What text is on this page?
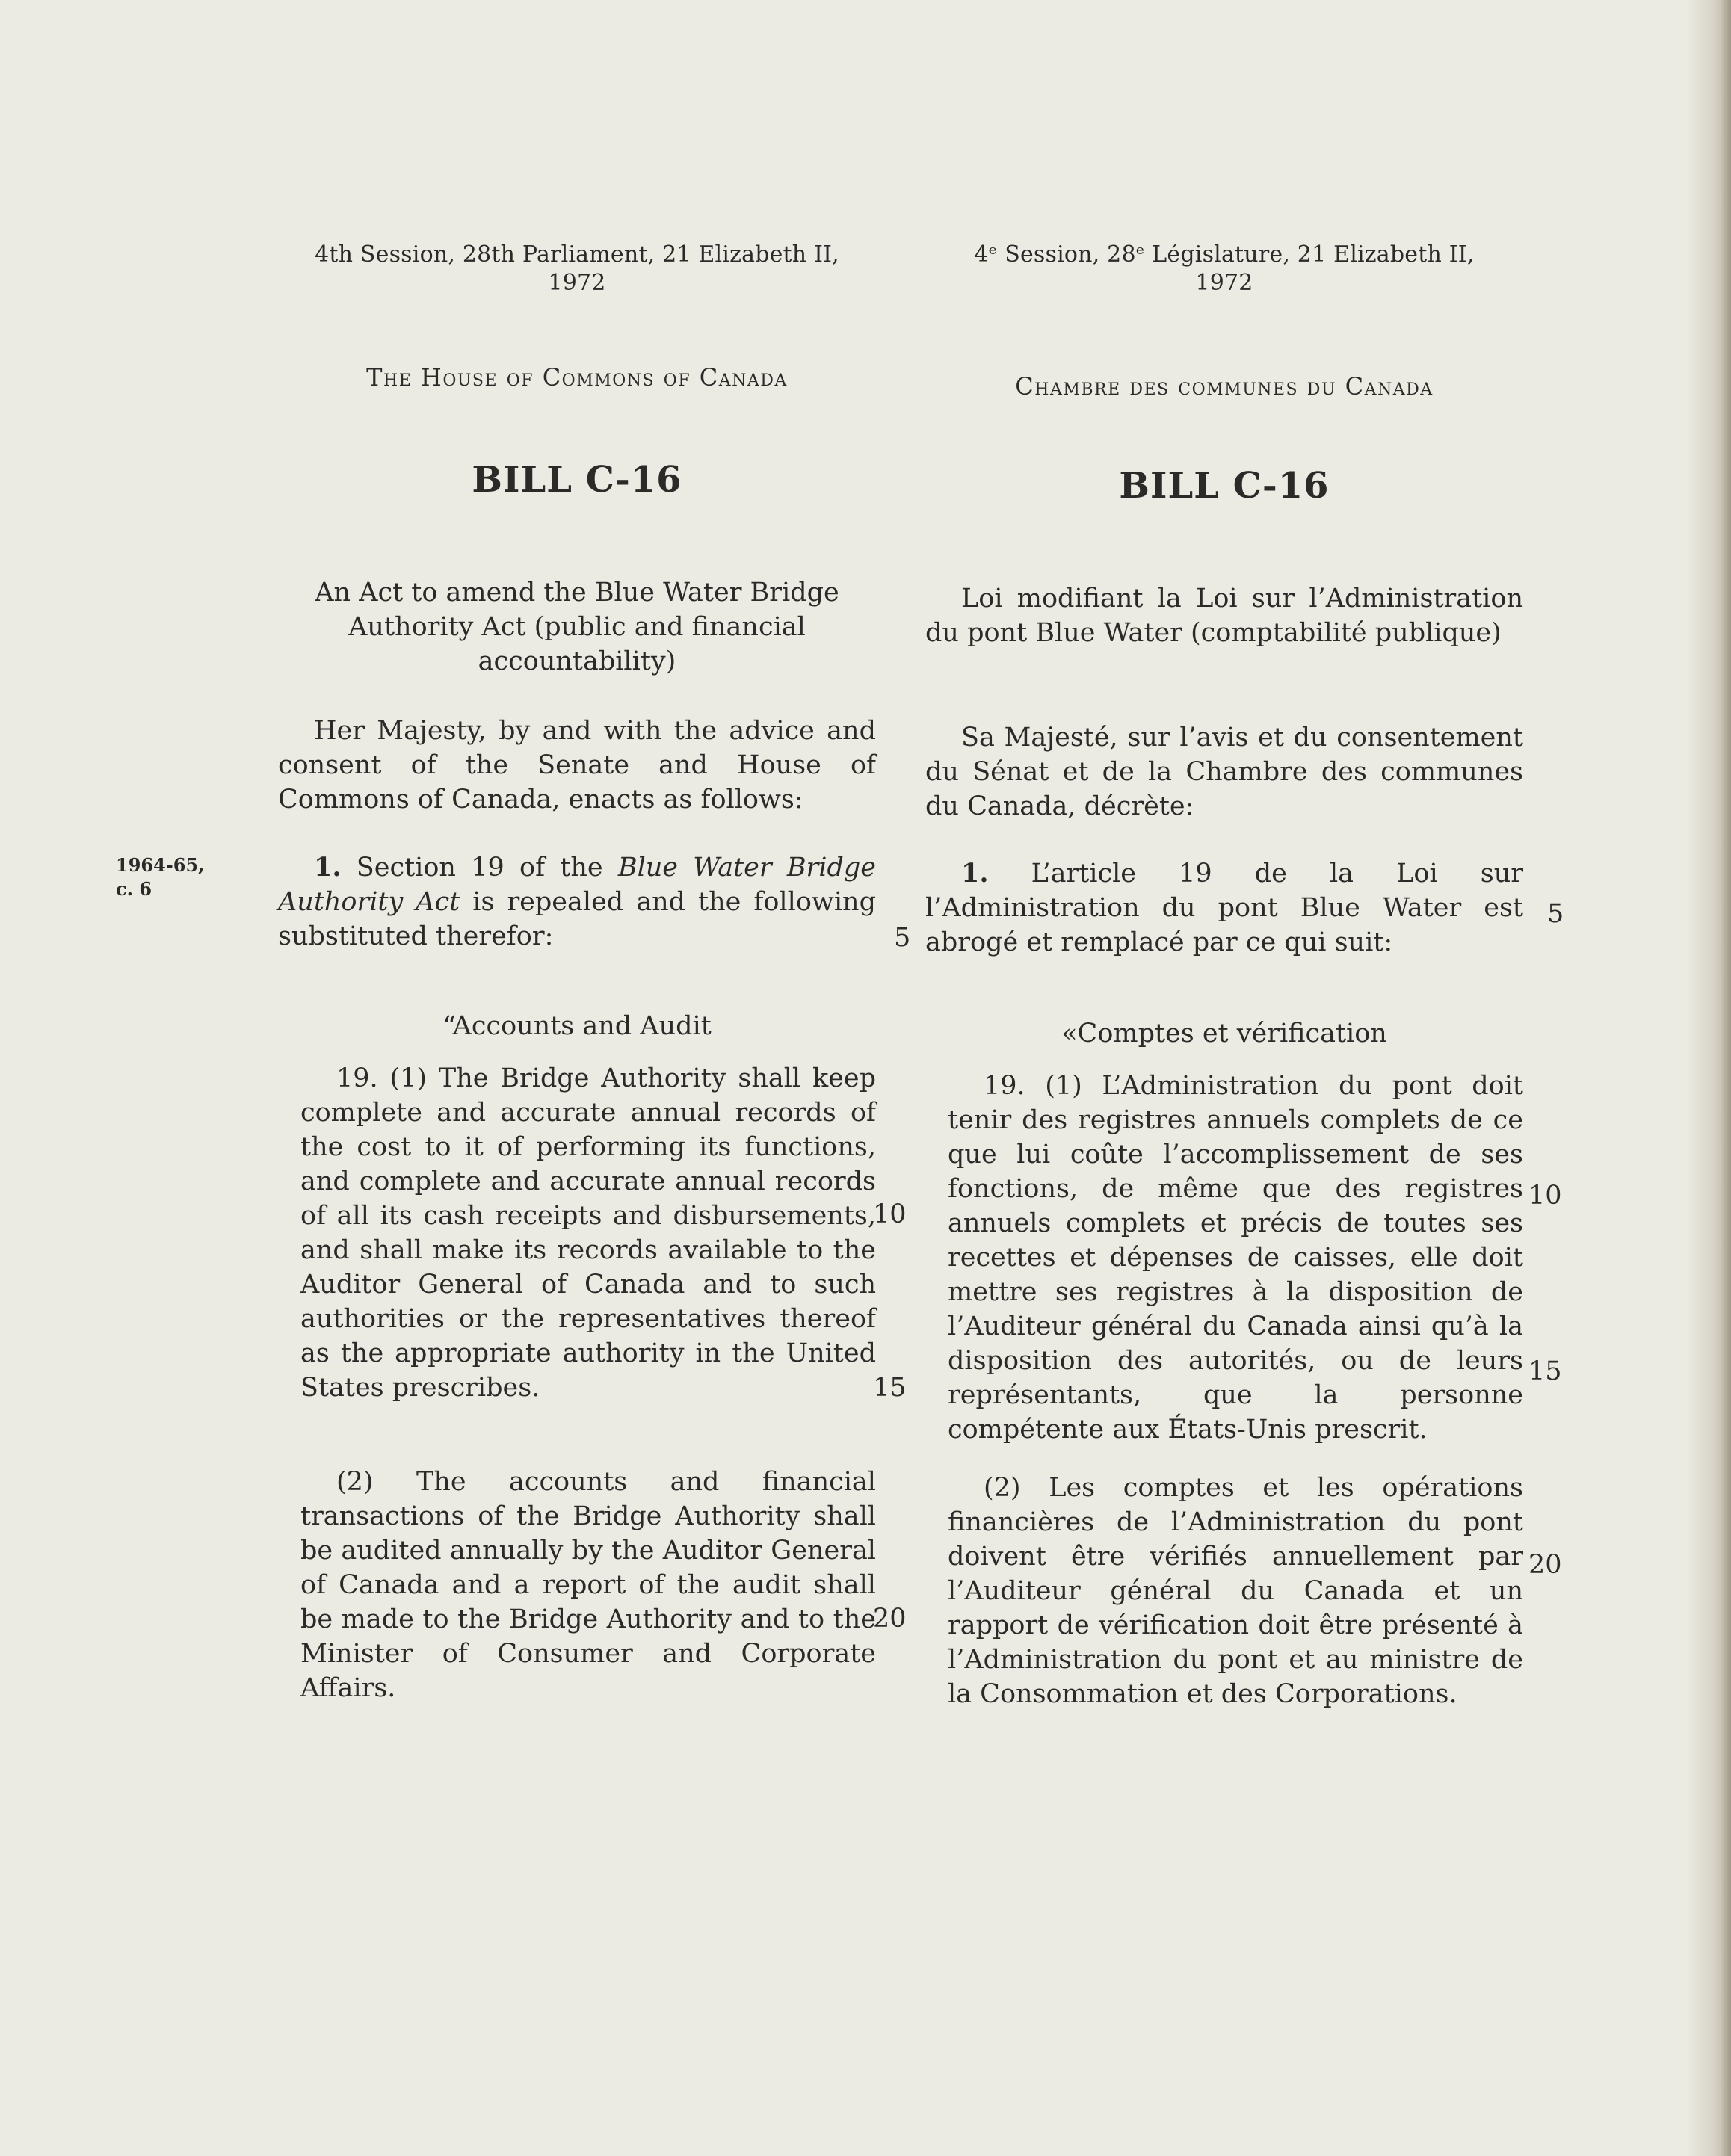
1964-65,
c. 6
4th Session, 28th Parliament, 21 Elizabeth II,
1972
The House of Commons of Canada
BILL C-16

An Act to amend the Blue Water Bridge Authority Act (public and financial accountability)

Her Majesty, by and with the advice and consent of the Senate and House of Commons of Canada, enacts as follows:

1. Section 19 of the Blue Water Bridge Authority Act is repealed and the following substituted therefor:

“Accounts and Audit

19. (1) The Bridge Authority shall keep complete and accurate annual records of the cost to it of performing its functions, and complete and accurate annual records of all its cash receipts and disbursements, and shall make its records available to the Auditor General of Canada and to such authorities or the representatives thereof as the appropriate authority in the United States prescribes.

(2) The accounts and financial transactions of the Bridge Authority shall be audited annually by the Auditor General of Canada and a report of the audit shall be made to the Bridge Authority and to the Minister of Consumer and Corporate Affairs.

5
10
15
20
4ᵉ Session, 28ᵉ Législature, 21 Elizabeth II,
1972
Chambre des communes du Canada
BILL C-16

Loi modifiant la Loi sur l’Administration du pont Blue Water (comptabilité publique)

Sa Majesté, sur l’avis et du consentement du Sénat et de la Chambre des communes du Canada, décrète:

1. L’article 19 de la Loi sur l’Administration du pont Blue Water est abrogé et remplacé par ce qui suit:

«Comptes et vérification

19. (1) L’Administration du pont doit tenir des registres annuels complets de ce que lui coûte l’accomplissement de ses fonctions, de même que des registres annuels complets et précis de toutes ses recettes et dépenses de caisses, elle doit mettre ses registres à la disposition de l’Auditeur général du Canada ainsi qu’à la disposition des autorités, ou de leurs représentants, que la personne compétente aux États-Unis prescrit.

(2) Les comptes et les opérations financières de l’Administration du pont doivent être vérifiés annuellement par l’Auditeur général du Canada et un rapport de vérification doit être présenté à l’Administration du pont et au ministre de la Consommation et des Corporations.

5
10
15
20
